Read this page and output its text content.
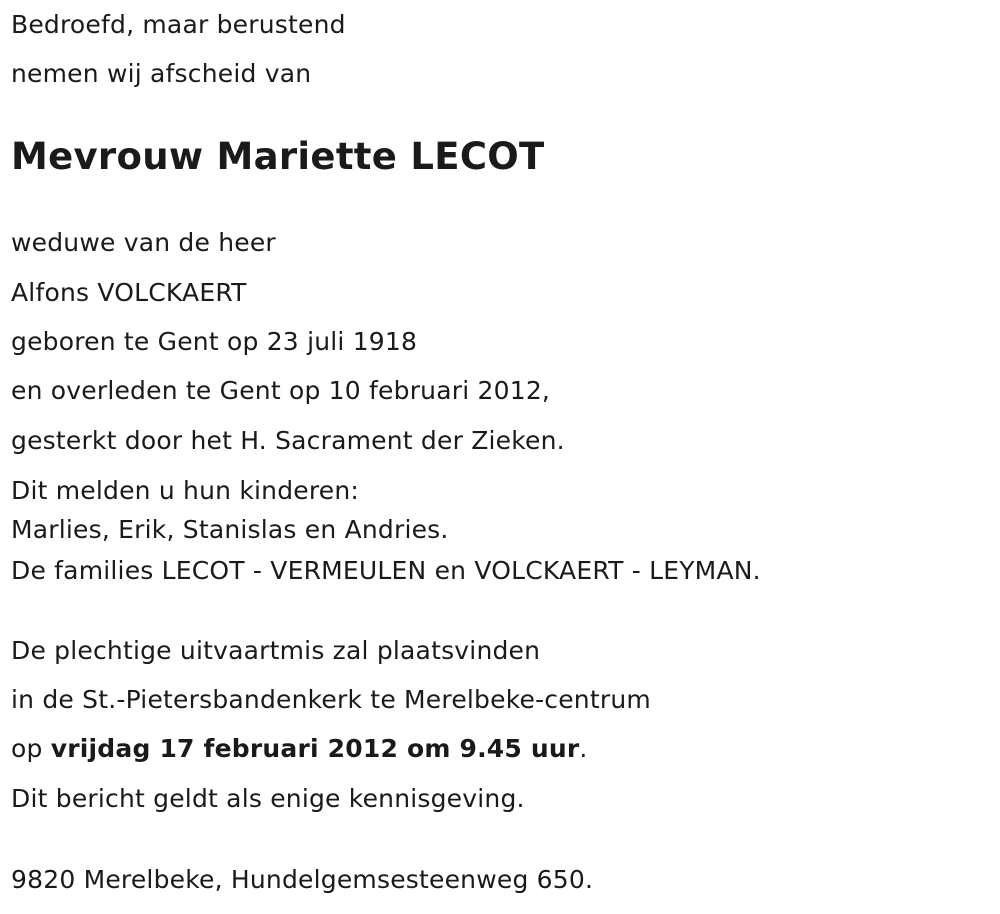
Bedroefd, maar berustend
nemen wij afscheid van
Mevrouw Mariette LECOT
weduwe van de heer
Alfons VOLCKAERT
geboren te Gent op 23 juli 1918
en overleden te Gent op 10 februari 2012,
gesterkt door het H. Sacrament der Zieken.
Dit melden u hun kinderen:
Marlies, Erik, Stanislas en Andries.
De families LECOT - VERMEULEN en VOLCKAERT - LEYMAN.
De plechtige uitvaartmis zal plaatsvinden
in de St.-Pietersbandenkerk te Merelbeke-centrum
op vrijdag 17 februari 2012 om 9.45 uur.
Dit bericht geldt als enige kennisgeving.
9820 Merelbeke, Hundelgemsesteenweg 650.
